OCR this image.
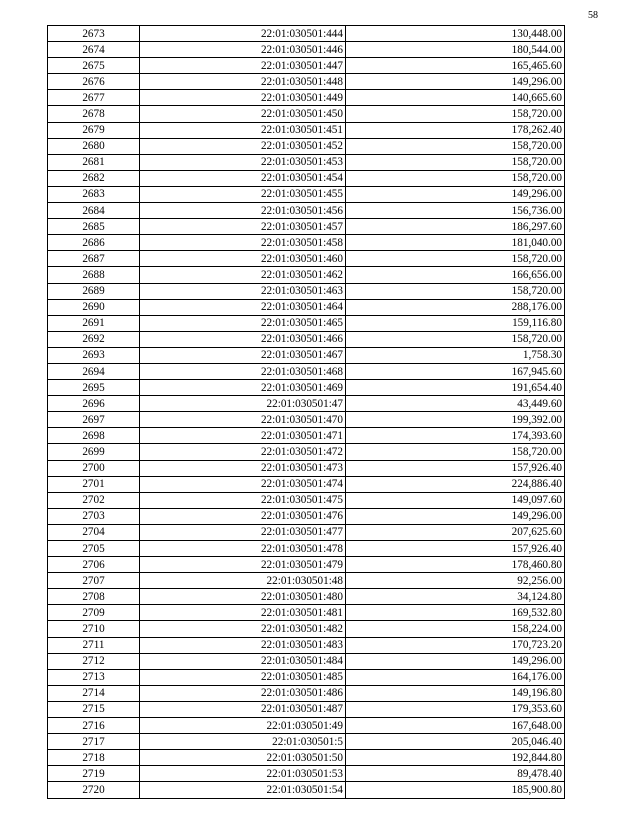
58
2673	22:01:030501:444	130,448.00
2674	22:01:030501:446	180,544.00
2675	22:01:030501:447	165,465.60
2676	22:01:030501:448	149,296.00
2677	22:01:030501:449	140,665.60
2678	22:01:030501:450	158,720.00
2679	22:01:030501:451	178,262.40
2680	22:01:030501:452	158,720.00
2681	22:01:030501:453	158,720.00
2682	22:01:030501:454	158,720.00
2683	22:01:030501:455	149,296.00
2684	22:01:030501:456	156,736.00
2685	22:01:030501:457	186,297.60
2686	22:01:030501:458	181,040.00
2687	22:01:030501:460	158,720.00
2688	22:01:030501:462	166,656.00
2689	22:01:030501:463	158,720.00
2690	22:01:030501:464	288,176.00
2691	22:01:030501:465	159,116.80
2692	22:01:030501:466	158,720.00
2693	22:01:030501:467	1,758.30
2694	22:01:030501:468	167,945.60
2695	22:01:030501:469	191,654.40
2696	22:01:030501:47	43,449.60
2697	22:01:030501:470	199,392.00
2698	22:01:030501:471	174,393.60
2699	22:01:030501:472	158,720.00
2700	22:01:030501:473	157,926.40
2701	22:01:030501:474	224,886.40
2702	22:01:030501:475	149,097.60
2703	22:01:030501:476	149,296.00
2704	22:01:030501:477	207,625.60
2705	22:01:030501:478	157,926.40
2706	22:01:030501:479	178,460.80
2707	22:01:030501:48	92,256.00
2708	22:01:030501:480	34,124.80
2709	22:01:030501:481	169,532.80
2710	22:01:030501:482	158,224.00
2711	22:01:030501:483	170,723.20
2712	22:01:030501:484	149,296.00
2713	22:01:030501:485	164,176.00
2714	22:01:030501:486	149,196.80
2715	22:01:030501:487	179,353.60
2716	22:01:030501:49	167,648.00
2717	22:01:030501:5	205,046.40
2718	22:01:030501:50	192,844.80
2719	22:01:030501:53	89,478.40
2720	22:01:030501:54	185,900.80
